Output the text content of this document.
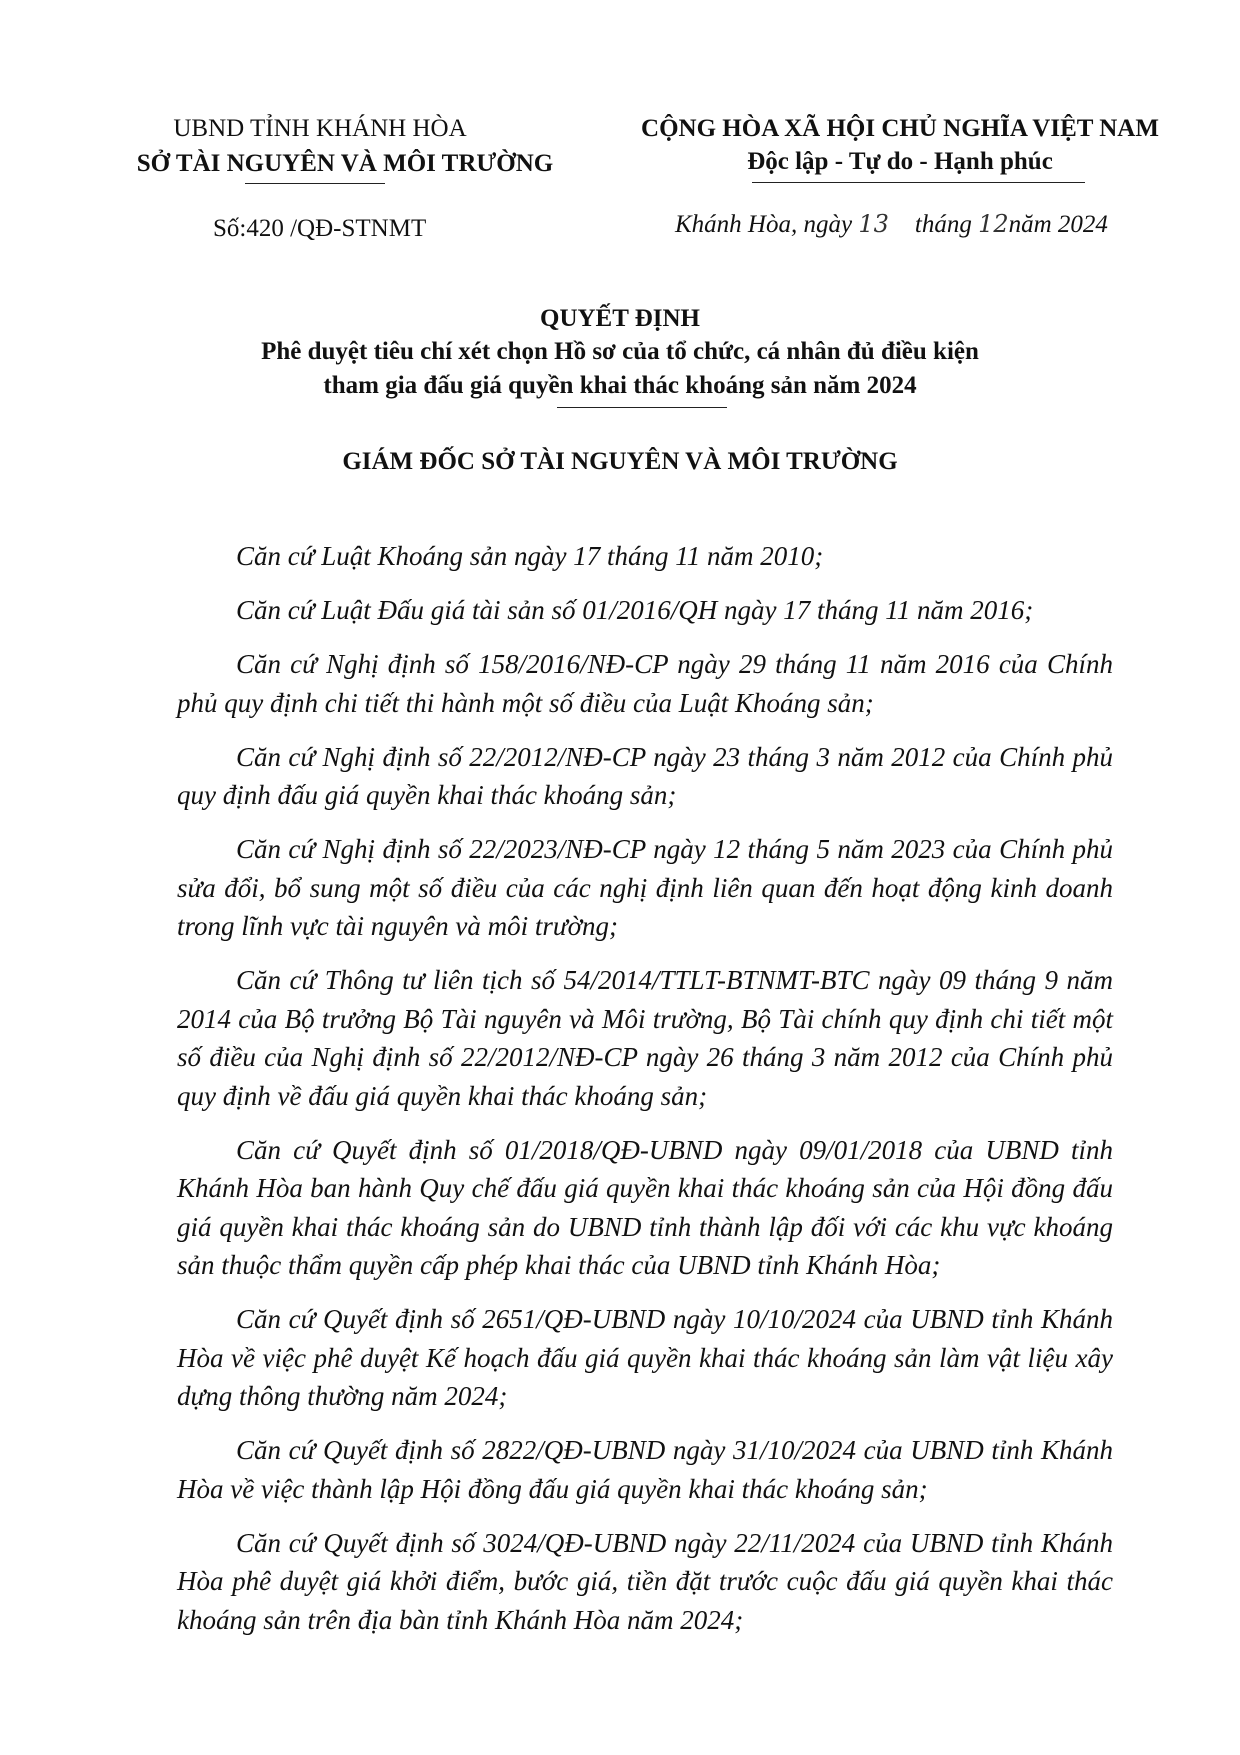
UBND TỈNH KHÁNH HÒA
SỞ TÀI NGUYÊN VÀ MÔI TRƯỜNG
Số:420 /QĐ-STNMT
CỘNG HÒA XÃ HỘI CHỦ NGHĨA VIỆT NAM
Độc lập - Tự do - Hạnh phúc
Khánh Hòa, ngày 13 tháng 12năm 2024
QUYẾT ĐỊNH
Phê duyệt tiêu chí xét chọn Hồ sơ của tổ chức, cá nhân đủ điều kiện
tham gia đấu giá quyền khai thác khoáng sản năm 2024
GIÁM ĐỐC SỞ TÀI NGUYÊN VÀ MÔI TRƯỜNG

Căn cứ Luật Khoáng sản ngày 17 tháng 11 năm 2010;

Căn cứ Luật Đấu giá tài sản số 01/2016/QH ngày 17 tháng 11 năm 2016;

Căn cứ Nghị định số 158/2016/NĐ-CP ngày 29 tháng 11 năm 2016 của Chính phủ quy định chi tiết thi hành một số điều của Luật Khoáng sản;

Căn cứ Nghị định số 22/2012/NĐ-CP ngày 23 tháng 3 năm 2012 của Chính phủ quy định đấu giá quyền khai thác khoáng sản;

Căn cứ Nghị định số 22/2023/NĐ-CP ngày 12 tháng 5 năm 2023 của Chính phủ sửa đổi, bổ sung một số điều của các nghị định liên quan đến hoạt động kinh doanh trong lĩnh vực tài nguyên và môi trường;

Căn cứ Thông tư liên tịch số 54/2014/TTLT-BTNMT-BTC ngày 09 tháng 9 năm 2014 của Bộ trưởng Bộ Tài nguyên và Môi trường, Bộ Tài chính quy định chi tiết một số điều của Nghị định số 22/2012/NĐ-CP ngày 26 tháng 3 năm 2012 của Chính phủ quy định về đấu giá quyền khai thác khoáng sản;

Căn cứ Quyết định số 01/2018/QĐ-UBND ngày 09/01/2018 của UBND tỉnh Khánh Hòa ban hành Quy chế đấu giá quyền khai thác khoáng sản của Hội đồng đấu giá quyền khai thác khoáng sản do UBND tỉnh thành lập đối với các khu vực khoáng sản thuộc thẩm quyền cấp phép khai thác của UBND tỉnh Khánh Hòa;

Căn cứ Quyết định số 2651/QĐ-UBND ngày 10/10/2024 của UBND tỉnh Khánh Hòa về việc phê duyệt Kế hoạch đấu giá quyền khai thác khoáng sản làm vật liệu xây dựng thông thường năm 2024;

Căn cứ Quyết định số 2822/QĐ-UBND ngày 31/10/2024 của UBND tỉnh Khánh Hòa về việc thành lập Hội đồng đấu giá quyền khai thác khoáng sản;

Căn cứ Quyết định số 3024/QĐ-UBND ngày 22/11/2024 của UBND tỉnh Khánh Hòa phê duyệt giá khởi điểm, bước giá, tiền đặt trước cuộc đấu giá quyền khai thác khoáng sản trên địa bàn tỉnh Khánh Hòa năm 2024;
